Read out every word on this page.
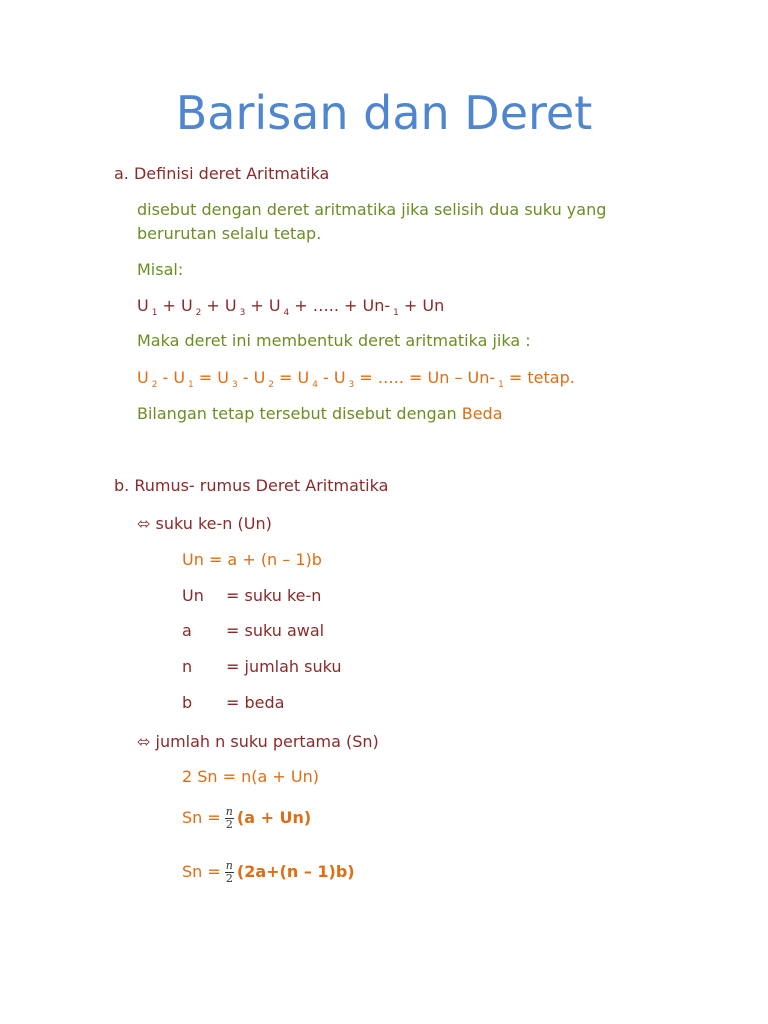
Barisan dan Deret
a. Definisi deret Aritmatika
disebut dengan deret aritmatika jika selisih dua suku yang
berurutan selalu tetap.
Misal:
U $_1$ + U $_2$ + U $_3$ + U $_4$ + ….. + Un- $_1$ + Un
Maka deret ini membentuk deret aritmatika jika :
U $_2$ - U $_1$ = U $_3$ - U $_2$ = U $_4$ - U $_3$ = ….. = Un – Un- $_1$ = tetap.
Bilangan tetap tersebut disebut dengan Beda
b. Rumus- rumus Deret Aritmatika
⬄ suku ke-n (Un)
Un = a + (n – 1)b
Un = suku ke-n
a = suku awal
n = jumlah suku
b = beda
⬄ jumlah n suku pertama (Sn)
2 Sn = n(a + Un)
$Sn = \frac{n}{2} (a + Un)$
$Sn = \frac{n}{2} (2a+(n - 1)b)$
